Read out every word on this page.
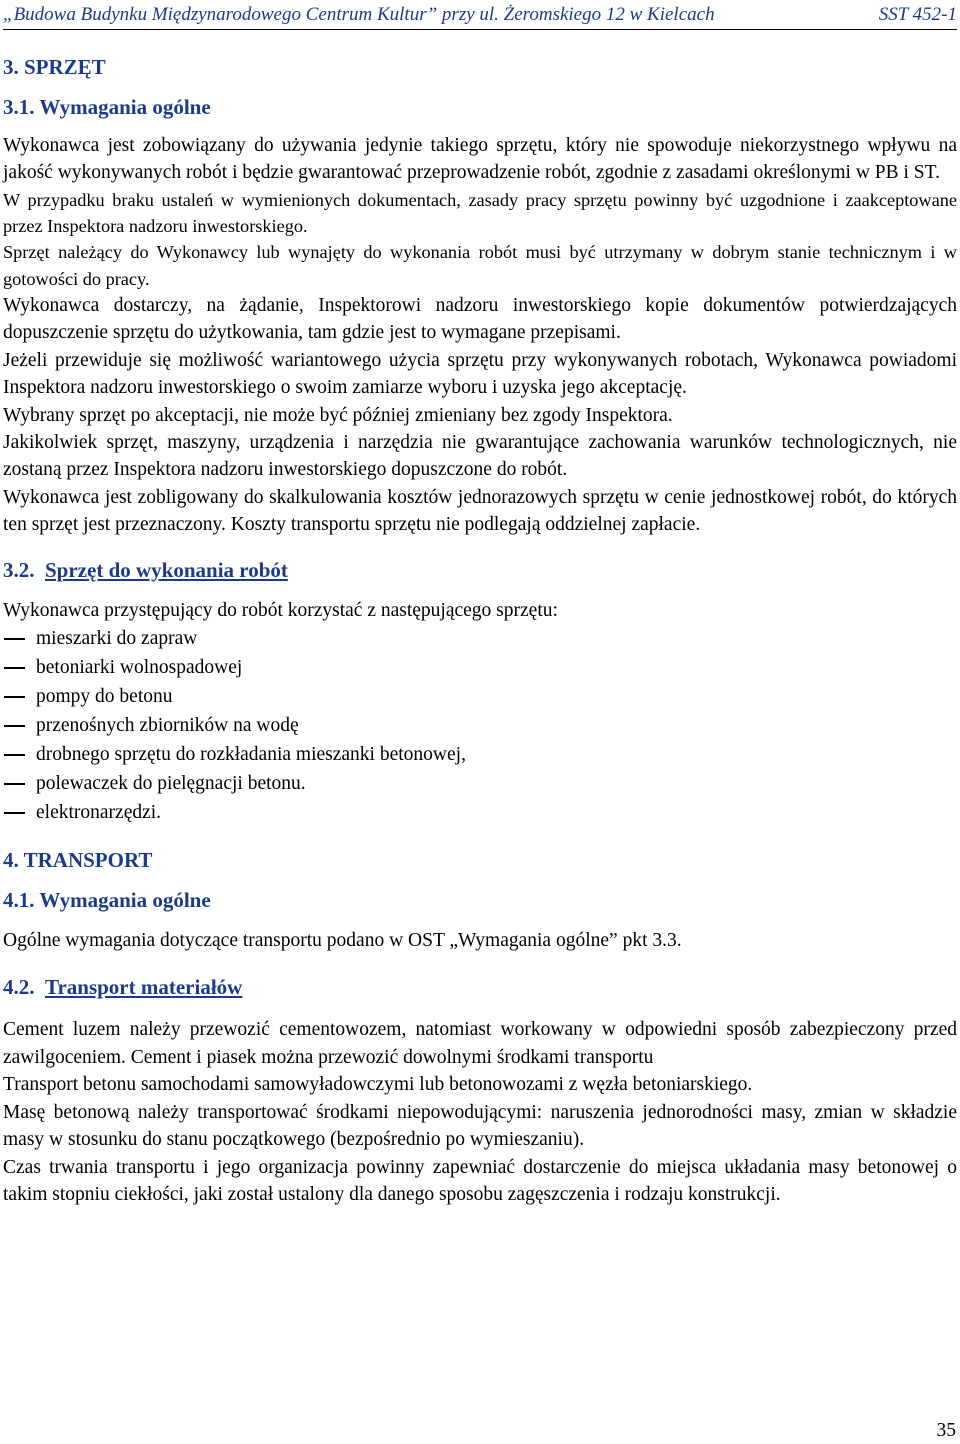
„Budowa Budynku Międzynarodowego Centrum Kultur” przy ul. Żeromskiego 12 w Kielcach	SST 452-1

3. SPRZĘT

3.1. Wymagania ogólne

Wykonawca jest zobowiązany do używania jedynie takiego sprzętu, który nie spowoduje niekorzystnego wpływu na jakość wykonywanych robót i będzie gwarantować przeprowadzenie robót, zgodnie z zasadami określonymi w PB i ST.

W przypadku braku ustaleń w wymienionych dokumentach, zasady pracy sprzętu powinny być uzgodnione i zaakceptowane przez Inspektora nadzoru inwestorskiego.

Sprzęt należący do Wykonawcy lub wynajęty do wykonania robót musi być utrzymany w dobrym stanie technicznym i w gotowości do pracy.

Wykonawca dostarczy, na żądanie, Inspektorowi nadzoru inwestorskiego kopie dokumentów potwierdzających dopuszczenie sprzętu do użytkowania, tam gdzie jest to wymagane przepisami.

Jeżeli przewiduje się możliwość wariantowego użycia sprzętu przy wykonywanych robotach, Wykonawca powiadomi Inspektora nadzoru inwestorskiego o swoim zamiarze wyboru i uzyska jego akceptację.

Wybrany sprzęt po akceptacji, nie może być później zmieniany bez zgody Inspektora.

Jakikolwiek sprzęt, maszyny, urządzenia i narzędzia nie gwarantujące zachowania warunków technologicznych, nie zostaną przez Inspektora nadzoru inwestorskiego dopuszczone do robót.

Wykonawca jest zobligowany do skalkulowania kosztów jednorazowych sprzętu w cenie jednostkowej robót, do których ten sprzęt jest przeznaczony. Koszty transportu sprzętu nie podlegają oddzielnej zapłacie.

3.2. Sprzęt do wykonania robót

Wykonawca przystępujący do robót korzystać z następującego sprzętu:

mieszarki do zapraw
betoniarki wolnospadowej
pompy do betonu
przenośnych zbiorników na wodę
drobnego sprzętu do rozkładania mieszanki betonowej,
polewaczek do pielęgnacji betonu.
elektronarzędzi.

4. TRANSPORT

4.1. Wymagania ogólne

Ogólne wymagania dotyczące transportu podano w OST „Wymagania ogólne” pkt 3.3.

4.2. Transport materiałów

Cement luzem należy przewozić cementowozem, natomiast workowany w odpowiedni sposób zabezpieczony przed zawilgoceniem. Cement i piasek można przewozić dowolnymi środkami transportu

Transport betonu samochodami samowyładowczymi lub betonowozami z węzła betoniarskiego.

Masę betonową należy transportować środkami niepowodującymi: naruszenia jednorodności masy, zmian w składzie masy w stosunku do stanu początkowego (bezpośrednio po wymieszaniu).

Czas trwania transportu i jego organizacja powinny zapewniać dostarczenie do miejsca układania masy betonowej o takim stopniu ciekłości, jaki został ustalony dla danego sposobu zagęszczenia i rodzaju konstrukcji.

35
